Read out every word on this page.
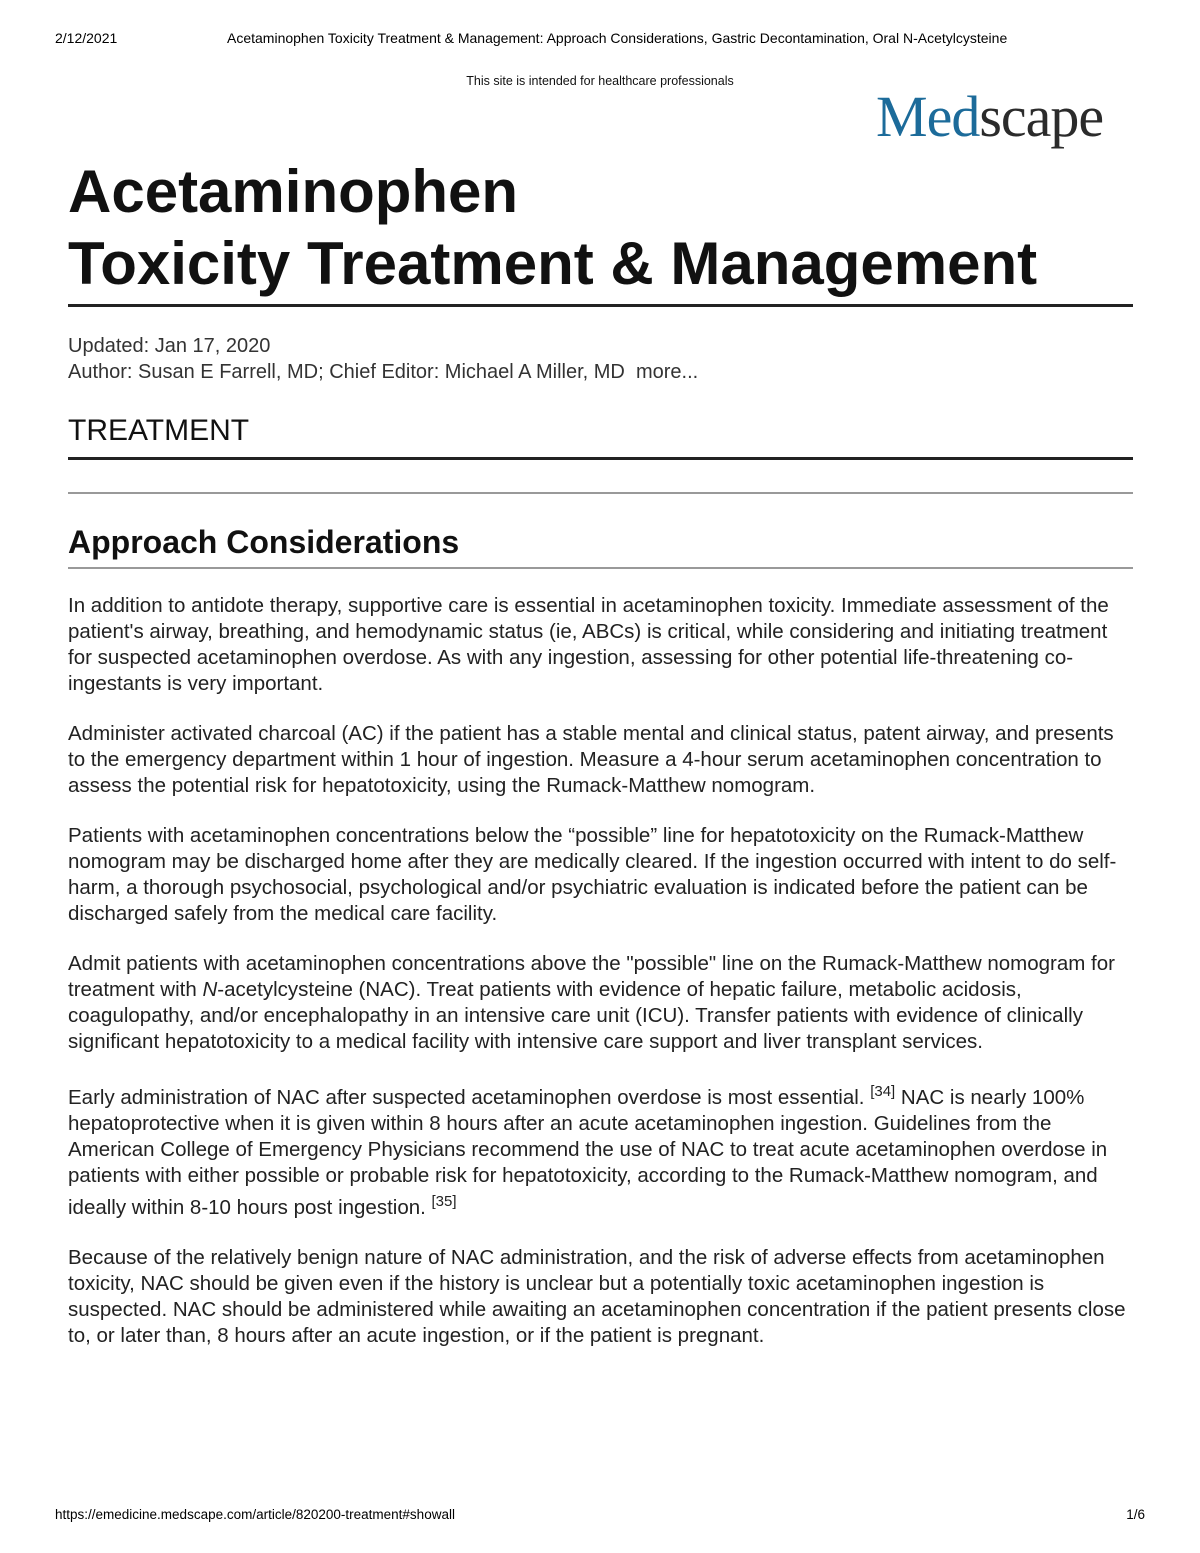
2/12/2021	Acetaminophen Toxicity Treatment & Management: Approach Considerations, Gastric Decontamination, Oral N-Acetylcysteine
This site is intended for healthcare professionals
Medscape
Acetaminophen
Toxicity Treatment & Management
Updated: Jan 17, 2020
Author: Susan E Farrell, MD; Chief Editor: Michael A Miller, MD more...
TREATMENT
Approach Considerations

In addition to antidote therapy, supportive care is essential in acetaminophen toxicity. Immediate assessment of the patient's airway, breathing, and hemodynamic status (ie, ABCs) is critical, while considering and initiating treatment for suspected acetaminophen overdose. As with any ingestion, assessing for other potential life-threatening co-ingestants is very important.

Administer activated charcoal (AC) if the patient has a stable mental and clinical status, patent airway, and presents to the emergency department within 1 hour of ingestion. Measure a 4-hour serum acetaminophen concentration to assess the potential risk for hepatotoxicity, using the Rumack-Matthew nomogram.

Patients with acetaminophen concentrations below the “possible” line for hepatotoxicity on the Rumack-Matthew nomogram may be discharged home after they are medically cleared. If the ingestion occurred with intent to do self-harm, a thorough psychosocial, psychological and/or psychiatric evaluation is indicated before the patient can be discharged safely from the medical care facility.

Admit patients with acetaminophen concentrations above the "possible" line on the Rumack-Matthew nomogram for treatment with N-acetylcysteine (NAC). Treat patients with evidence of hepatic failure, metabolic acidosis, coagulopathy, and/or encephalopathy in an intensive care unit (ICU). Transfer patients with evidence of clinically significant hepatotoxicity to a medical facility with intensive care support and liver transplant services.

Early administration of NAC after suspected acetaminophen overdose is most essential. [34] NAC is nearly 100% hepatoprotective when it is given within 8 hours after an acute acetaminophen ingestion. Guidelines from the American College of Emergency Physicians recommend the use of NAC to treat acute acetaminophen overdose in patients with either possible or probable risk for hepatotoxicity, according to the Rumack-Matthew nomogram, and ideally within 8-10 hours post ingestion. [35]

Because of the relatively benign nature of NAC administration, and the risk of adverse effects from acetaminophen toxicity, NAC should be given even if the history is unclear but a potentially toxic acetaminophen ingestion is suspected. NAC should be administered while awaiting an acetaminophen concentration if the patient presents close to, or later than, 8 hours after an acute ingestion, or if the patient is pregnant.

https://emedicine.medscape.com/article/820200-treatment#showall	1/6
